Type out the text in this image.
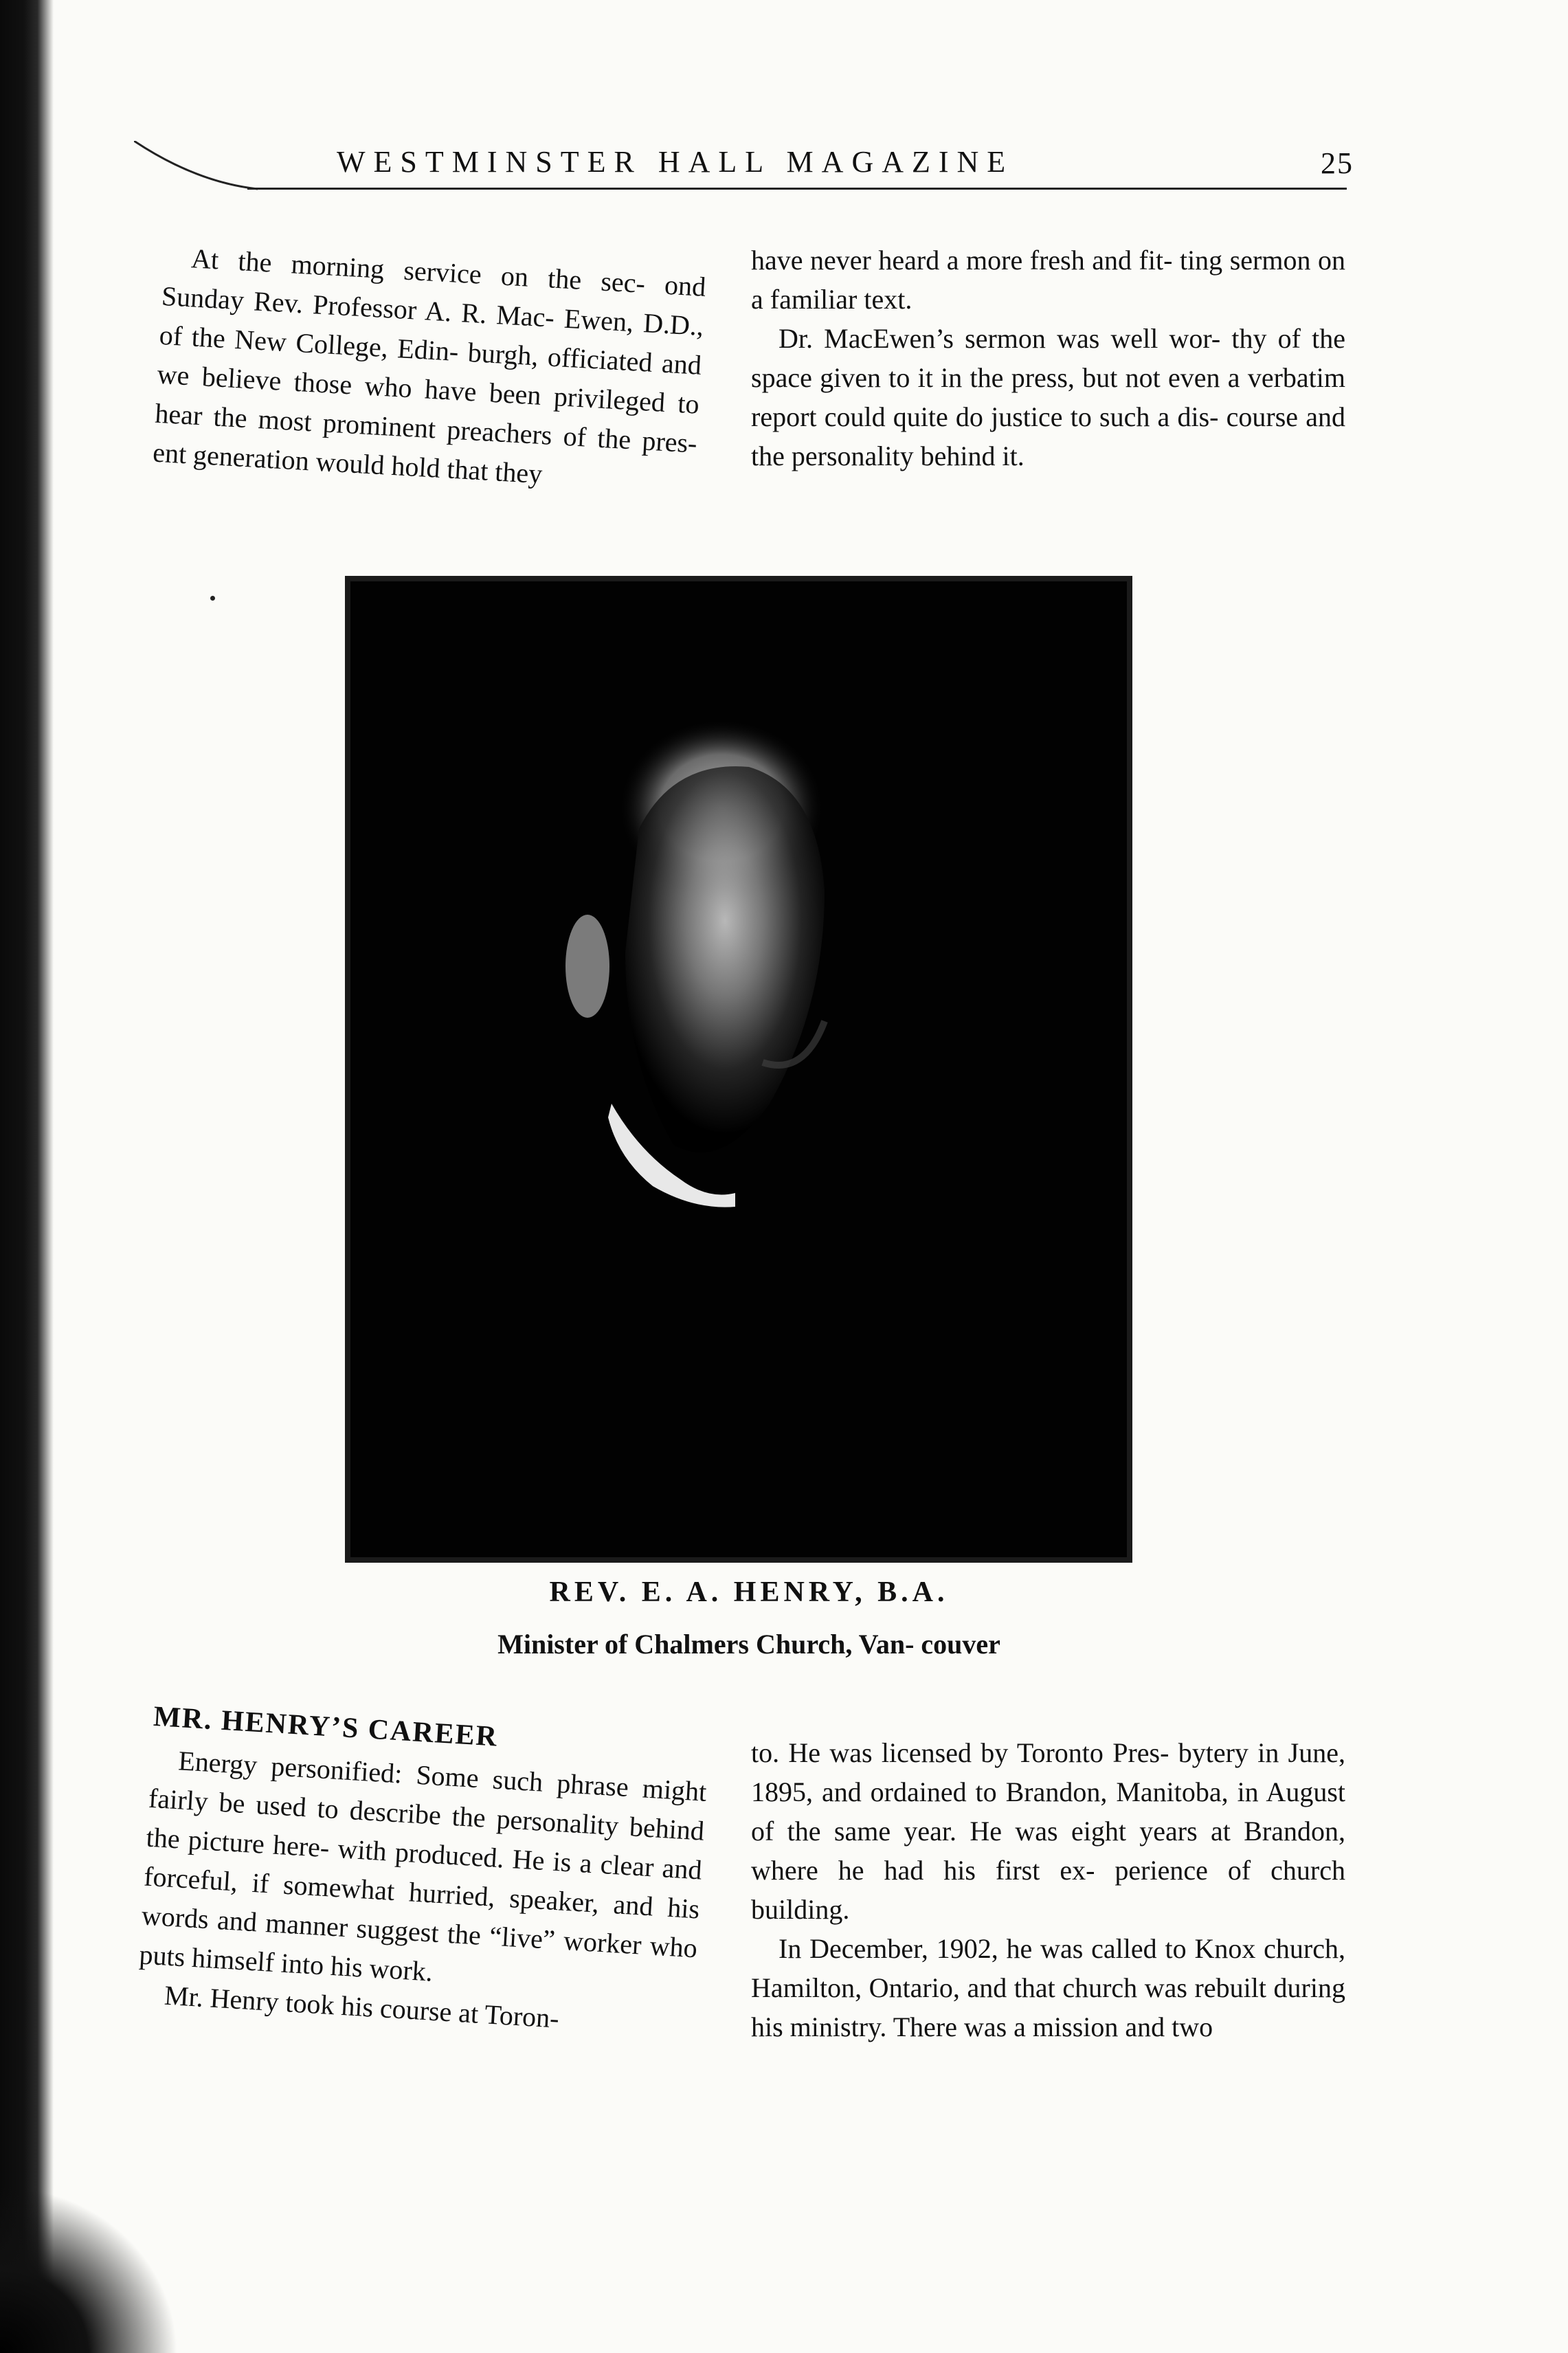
WESTMINSTER HALL MAGAZINE	25

At the morning service on the sec- ond Sunday Rev. Professor A. R. Mac- Ewen, D.D., of the New College, Edin- burgh, officiated and we believe those who have been privileged to hear the most prominent preachers of the pres- ent generation would hold that they

have never heard a more fresh and fit- ting sermon on a familiar text.

Dr. MacEwen’s sermon was well wor- thy of the space given to it in the press, but not even a verbatim report could quite do justice to such a dis- course and the personality behind it.

REV. E. A. HENRY, B.A.
Minister of Chalmers Church, Van- couver
MR. HENRY’S CAREER

Energy personified: Some such phrase might fairly be used to describe the personality behind the picture here- with produced. He is a clear and forceful, if somewhat hurried, speaker, and his words and manner suggest the “live” worker who puts himself into his work.

Mr. Henry took his course at Toron-

to. He was licensed by Toronto Pres- bytery in June, 1895, and ordained to Brandon, Manitoba, in August of the same year. He was eight years at Brandon, where he had his first ex- perience of church building.

In December, 1902, he was called to Knox church, Hamilton, Ontario, and that church was rebuilt during his ministry. There was a mission and two
